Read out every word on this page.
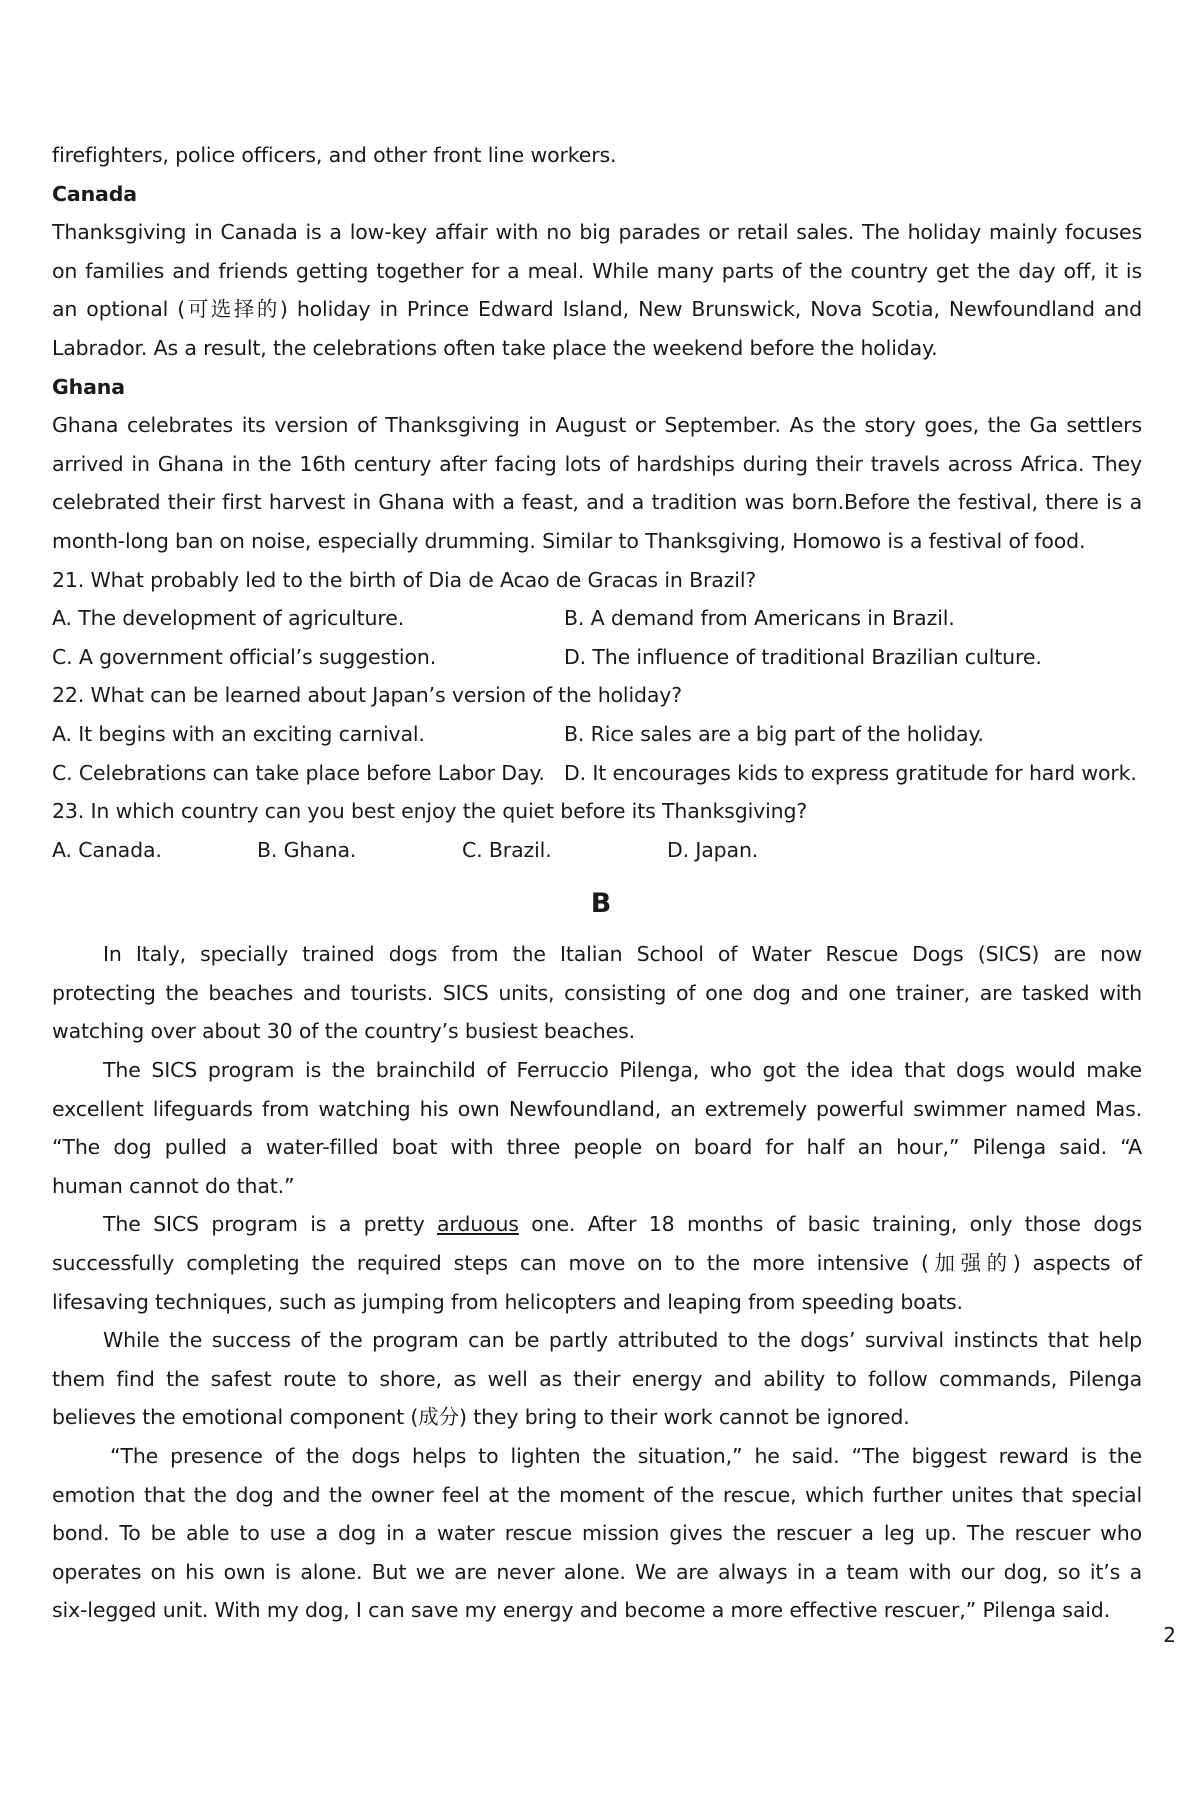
firefighters, police officers, and other front line workers.
Canada
Thanksgiving in Canada is a low-key affair with no big parades or retail sales. The holiday mainly focuses
on families and friends getting together for a meal. While many parts of the country get the day off, it is
an optional (可选择的) holiday in Prince Edward Island, New Brunswick, Nova Scotia, Newfoundland and
Labrador. As a result, the celebrations often take place the weekend before the holiday.
Ghana
Ghana celebrates its version of Thanksgiving in August or September. As the story goes, the Ga settlers
arrived in Ghana in the 16th century after facing lots of hardships during their travels across Africa. They
celebrated their first harvest in Ghana with a feast, and a tradition was born.Before the festival, there is a
month-long ban on noise, especially drumming. Similar to Thanksgiving, Homowo is a festival of food.
21. What probably led to the birth of Dia de Acao de Gracas in Brazil?
A. The development of agriculture.	B. A demand from Americans in Brazil.
C. A government official’s suggestion.	D. The influence of traditional Brazilian culture.
22. What can be learned about Japan’s version of the holiday?
A. It begins with an exciting carnival.	B. Rice sales are a big part of the holiday.
C. Celebrations can take place before Labor Day. D. It encourages kids to express gratitude for hard work.
23. In which country can you best enjoy the quiet before its Thanksgiving?
A. Canada.	B. Ghana.	C. Brazil.	D. Japan.
B
In Italy, specially trained dogs from the Italian School of Water Rescue Dogs (SICS) are now
protecting the beaches and tourists. SICS units, consisting of one dog and one trainer, are tasked with
watching over about 30 of the country’s busiest beaches.
The SICS program is the brainchild of Ferruccio Pilenga, who got the idea that dogs would make
excellent lifeguards from watching his own Newfoundland, an extremely powerful swimmer named Mas.
“The dog pulled a water-filled boat with three people on board for half an hour,” Pilenga said. “A
human cannot do that.”
The SICS program is a pretty arduous one. After 18 months of basic training, only those dogs
successfully completing the required steps can move on to the more intensive (加强的) aspects of
lifesaving techniques, such as jumping from helicopters and leaping from speeding boats.
While the success of the program can be partly attributed to the dogs’ survival instincts that help
them find the safest route to shore, as well as their energy and ability to follow commands, Pilenga
believes the emotional component (成分) they bring to their work cannot be ignored.
“The presence of the dogs helps to lighten the situation,” he said. “The biggest reward is the
emotion that the dog and the owner feel at the moment of the rescue, which further unites that special
bond. To be able to use a dog in a water rescue mission gives the rescuer a leg up. The rescuer who
operates on his own is alone. But we are never alone. We are always in a team with our dog, so it’s a
six-legged unit. With my dog, I can save my energy and become a more effective rescuer,” Pilenga said.
2
